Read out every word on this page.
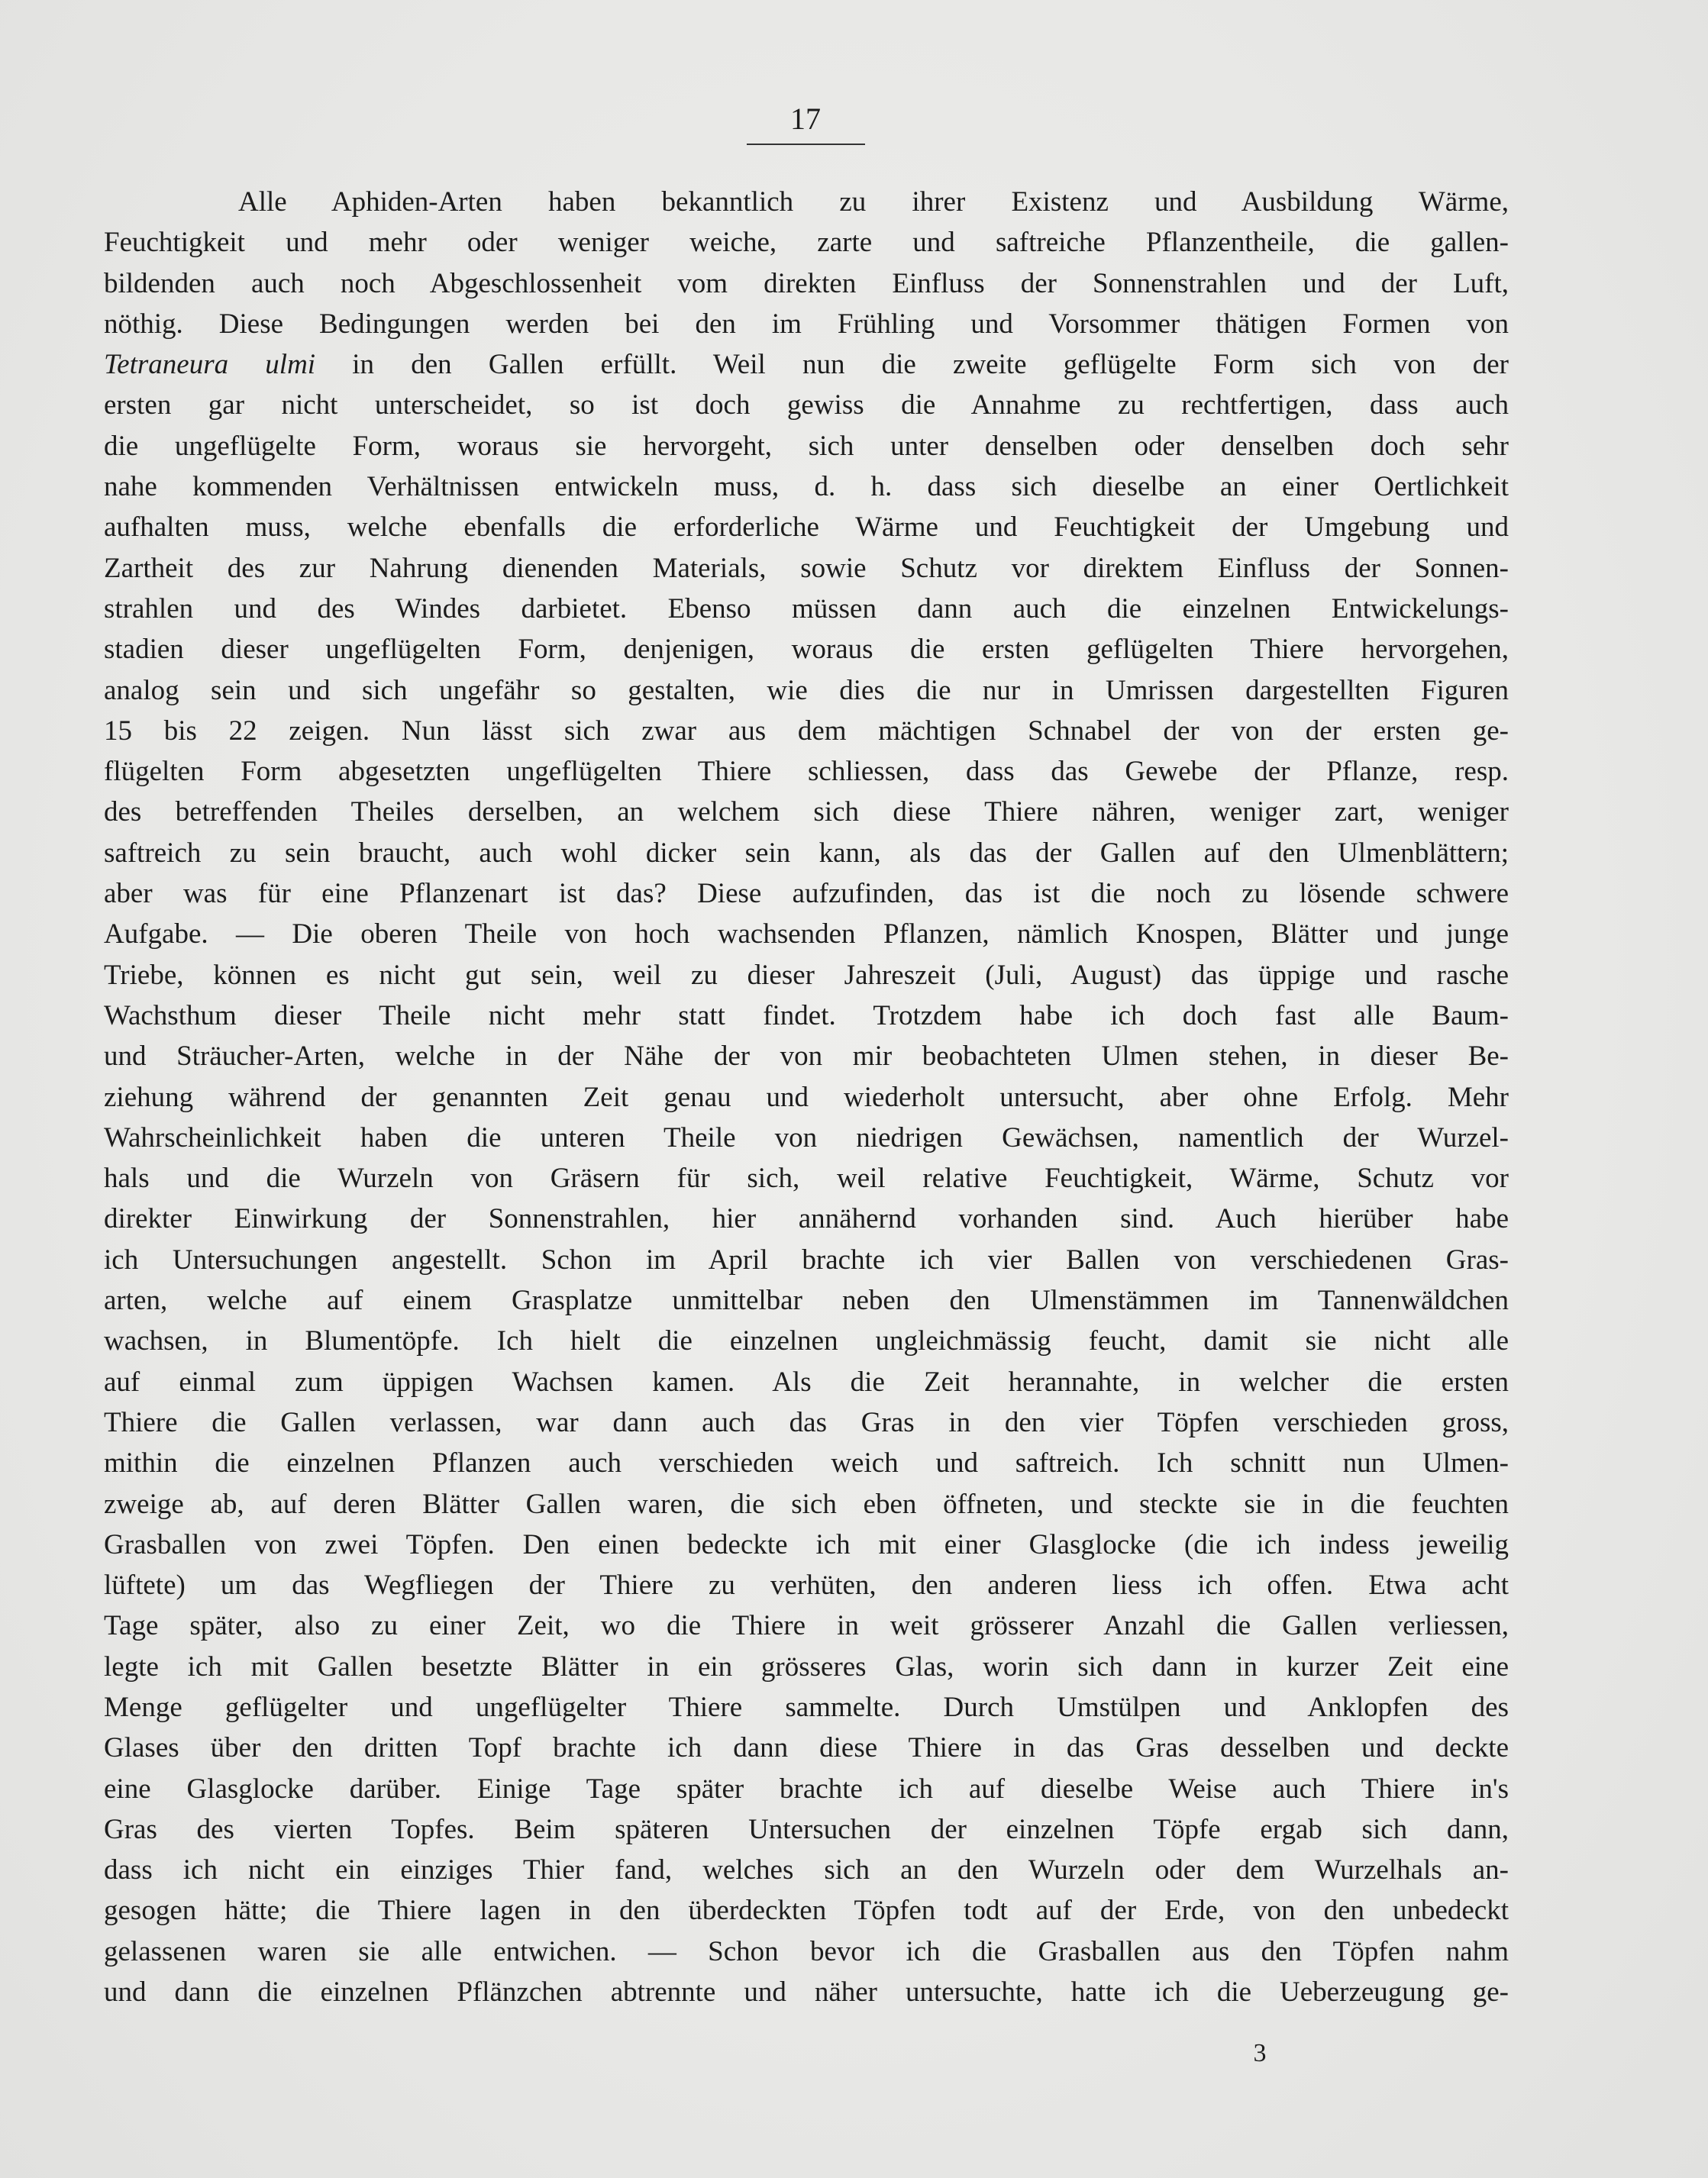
17
Alle Aphiden-Arten haben bekanntlich zu ihrer Existenz und Ausbildung Wärme,
Feuchtigkeit und mehr oder weniger weiche, zarte und saftreiche Pflanzentheile, die gallen-
bildenden auch noch Abgeschlossenheit vom direkten Einfluss der Sonnenstrahlen und der Luft,
nöthig. Diese Bedingungen werden bei den im Frühling und Vorsommer thätigen Formen von
Tetraneura ulmi in den Gallen erfüllt. Weil nun die zweite geflügelte Form sich von der
ersten gar nicht unterscheidet, so ist doch gewiss die Annahme zu rechtfertigen, dass auch
die ungeflügelte Form, woraus sie hervorgeht, sich unter denselben oder denselben doch sehr
nahe kommenden Verhältnissen entwickeln muss, d. h. dass sich dieselbe an einer Oertlichkeit
aufhalten muss, welche ebenfalls die erforderliche Wärme und Feuchtigkeit der Umgebung und
Zartheit des zur Nahrung dienenden Materials, sowie Schutz vor direktem Einfluss der Sonnen-
strahlen und des Windes darbietet. Ebenso müssen dann auch die einzelnen Entwickelungs-
stadien dieser ungeflügelten Form, denjenigen, woraus die ersten geflügelten Thiere hervorgehen,
analog sein und sich ungefähr so gestalten, wie dies die nur in Umrissen dargestellten Figuren
15 bis 22 zeigen. Nun lässt sich zwar aus dem mächtigen Schnabel der von der ersten ge-
flügelten Form abgesetzten ungeflügelten Thiere schliessen, dass das Gewebe der Pflanze, resp.
des betreffenden Theiles derselben, an welchem sich diese Thiere nähren, weniger zart, weniger
saftreich zu sein braucht, auch wohl dicker sein kann, als das der Gallen auf den Ulmenblättern;
aber was für eine Pflanzenart ist das? Diese aufzufinden, das ist die noch zu lösende schwere
Aufgabe. — Die oberen Theile von hoch wachsenden Pflanzen, nämlich Knospen, Blätter und junge
Triebe, können es nicht gut sein, weil zu dieser Jahreszeit (Juli, August) das üppige und rasche
Wachsthum dieser Theile nicht mehr statt findet. Trotzdem habe ich doch fast alle Baum-
und Sträucher-Arten, welche in der Nähe der von mir beobachteten Ulmen stehen, in dieser Be-
ziehung während der genannten Zeit genau und wiederholt untersucht, aber ohne Erfolg. Mehr
Wahrscheinlichkeit haben die unteren Theile von niedrigen Gewächsen, namentlich der Wurzel-
hals und die Wurzeln von Gräsern für sich, weil relative Feuchtigkeit, Wärme, Schutz vor
direkter Einwirkung der Sonnenstrahlen, hier annähernd vorhanden sind. Auch hierüber habe
ich Untersuchungen angestellt. Schon im April brachte ich vier Ballen von verschiedenen Gras-
arten, welche auf einem Grasplatze unmittelbar neben den Ulmenstämmen im Tannenwäldchen
wachsen, in Blumentöpfe. Ich hielt die einzelnen ungleichmässig feucht, damit sie nicht alle
auf einmal zum üppigen Wachsen kamen. Als die Zeit herannahte, in welcher die ersten
Thiere die Gallen verlassen, war dann auch das Gras in den vier Töpfen verschieden gross,
mithin die einzelnen Pflanzen auch verschieden weich und saftreich. Ich schnitt nun Ulmen-
zweige ab, auf deren Blätter Gallen waren, die sich eben öffneten, und steckte sie in die feuchten
Grasballen von zwei Töpfen. Den einen bedeckte ich mit einer Glasglocke (die ich indess jeweilig
lüftete) um das Wegfliegen der Thiere zu verhüten, den anderen liess ich offen. Etwa acht
Tage später, also zu einer Zeit, wo die Thiere in weit grösserer Anzahl die Gallen verliessen,
legte ich mit Gallen besetzte Blätter in ein grösseres Glas, worin sich dann in kurzer Zeit eine
Menge geflügelter und ungeflügelter Thiere sammelte. Durch Umstülpen und Anklopfen des
Glases über den dritten Topf brachte ich dann diese Thiere in das Gras desselben und deckte
eine Glasglocke darüber. Einige Tage später brachte ich auf dieselbe Weise auch Thiere in's
Gras des vierten Topfes. Beim späteren Untersuchen der einzelnen Töpfe ergab sich dann,
dass ich nicht ein einziges Thier fand, welches sich an den Wurzeln oder dem Wurzelhals an-
gesogen hätte; die Thiere lagen in den überdeckten Töpfen todt auf der Erde, von den unbedeckt
gelassenen waren sie alle entwichen. — Schon bevor ich die Grasballen aus den Töpfen nahm
und dann die einzelnen Pflänzchen abtrennte und näher untersuchte, hatte ich die Ueberzeugung ge-
3
